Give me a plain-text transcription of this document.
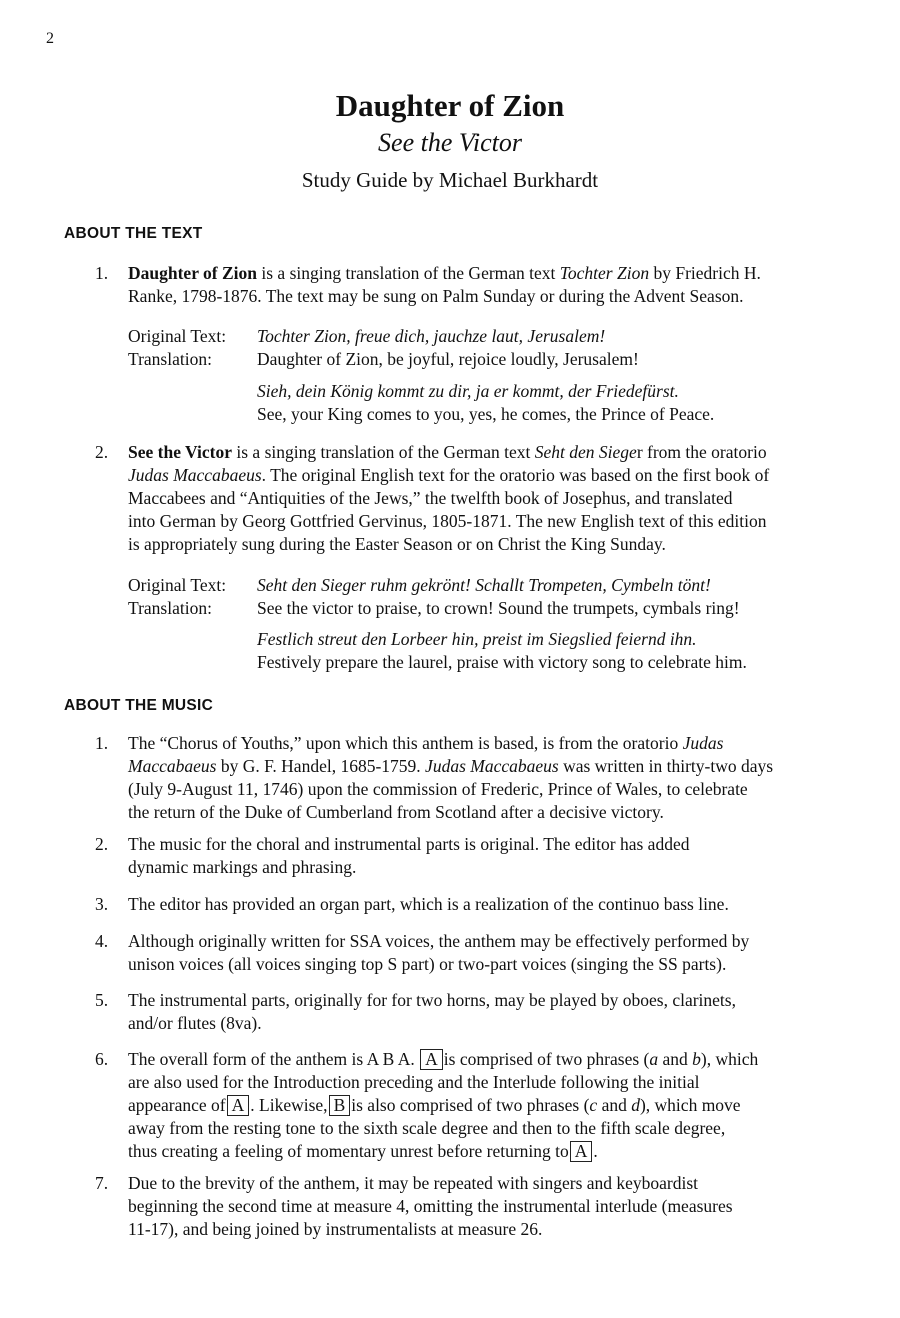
2
Daughter of Zion
See the Victor
Study Guide by Michael Burkhardt
ABOUT THE TEXT
1. Daughter of Zion is a singing translation of the German text Tochter Zion by Friedrich H.
Ranke, 1798-1876. The text may be sung on Palm Sunday or during the Advent Season.
Original Text: Tochter Zion, freue dich, jauchze laut, Jerusalem!
Translation:	Daughter of Zion, be joyful, rejoice loudly, Jerusalem!
Sieh, dein König kommt zu dir, ja er kommt, der Friedefürst.
See, your King comes to you, yes, he comes, the Prince of Peace.
2. See the Victor is a singing translation of the German text Seht den Sieger from the oratorio
Judas Maccabaeus. The original English text for the oratorio was based on the first book of
Maccabees and “Antiquities of the Jews,” the twelfth book of Josephus, and translated
into German by Georg Gottfried Gervinus, 1805-1871. The new English text of this edition
is appropriately sung during the Easter Season or on Christ the King Sunday.
Original Text: Seht den Sieger ruhm gekrönt! Schallt Trompeten, Cymbeln tönt!
Translation:	See the victor to praise, to crown! Sound the trumpets, cymbals ring!
Festlich streut den Lorbeer hin, preist im Siegslied feiernd ihn.
Festively prepare the laurel, praise with victory song to celebrate him.
ABOUT THE MUSIC
1. The “Chorus of Youths,” upon which this anthem is based, is from the oratorio Judas
Maccabaeus by G. F. Handel, 1685-1759. Judas Maccabaeus was written in thirty-two days
(July 9-August 11, 1746) upon the commission of Frederic, Prince of Wales, to celebrate
the return of the Duke of Cumberland from Scotland after a decisive victory.
2. The music for the choral and instrumental parts is original. The editor has added
dynamic markings and phrasing.
3. The editor has provided an organ part, which is a realization of the continuo bass line.
4. Although originally written for SSA voices, the anthem may be effectively performed by
unison voices (all voices singing top S part) or two-part voices (singing the SS parts).
5. The instrumental parts, originally for for two horns, may be played by oboes, clarinets,
and/or flutes (8va).
6. The overall form of the anthem is A B A. A is comprised of two phrases (a and b), which
are also used for the Introduction preceding and the Interlude following the initial
appearance of A . Likewise, B is also comprised of two phrases (c and d), which move
away from the resting tone to the sixth scale degree and then to the fifth scale degree,
thus creating a feeling of momentary unrest before returning to A .
7. Due to the brevity of the anthem, it may be repeated with singers and keyboardist
beginning the second time at measure 4, omitting the instrumental interlude (measures
11-17), and being joined by instrumentalists at measure 26.
